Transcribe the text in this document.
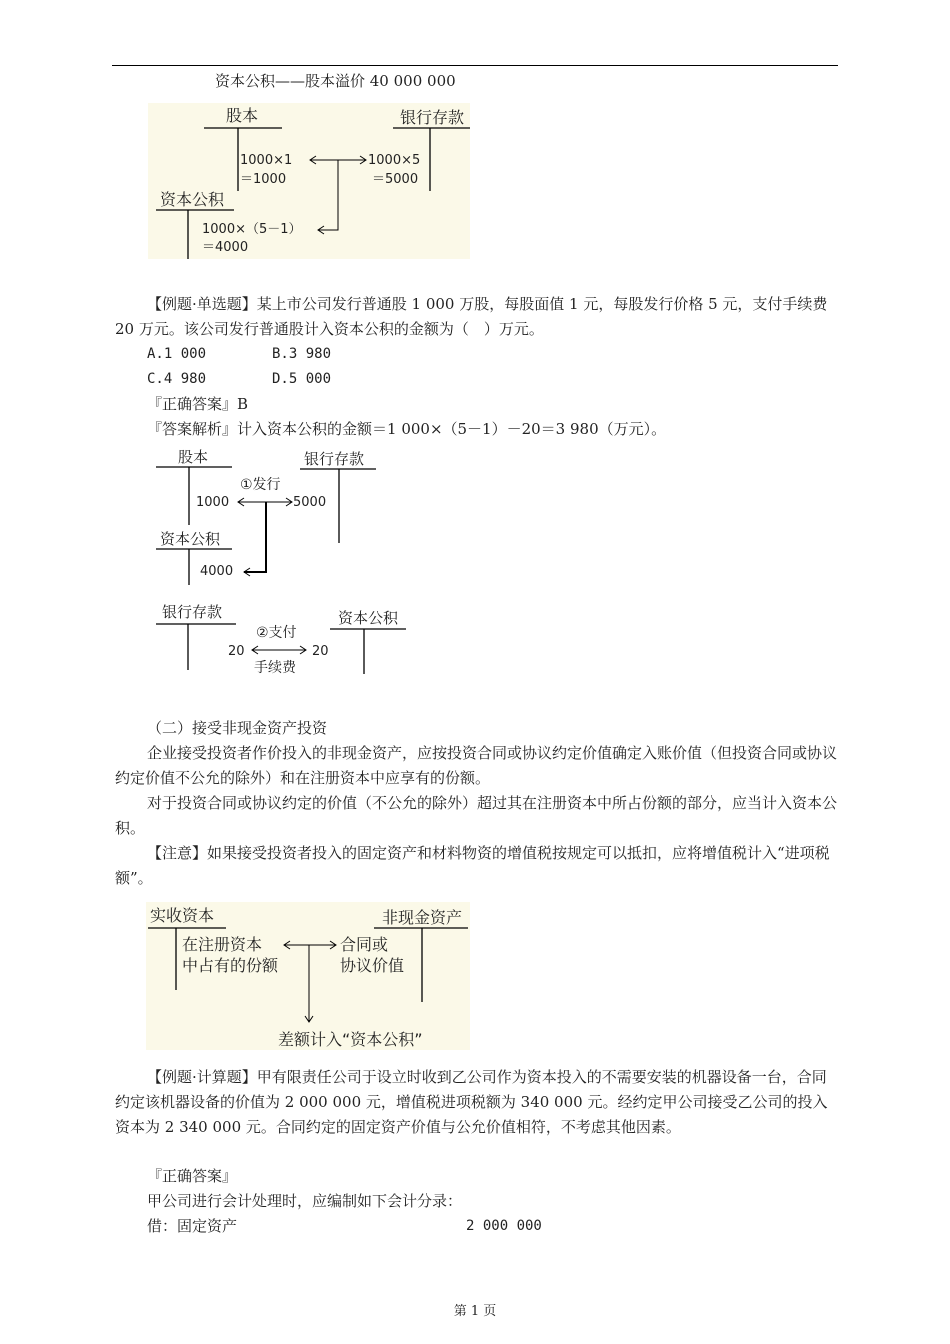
资本公积——股本溢价 40 000 000
股本	银行存款
1000×1
＝1000
1000×5
＝5000
资本公积
1000×（5－1）
＝4000
【例题·单选题】某上市公司发行普通股 1 000 万股，每股面值 1 元，每股发行价格 5 元，支付手续费 20 万元。该公司发行普通股计入资本公积的金额为（　）万元。
A.1 000	B.3 980
C.4 980	D.5 000
『正确答案』B
『答案解析』计入资本公积的金额＝1 000×（5－1）－20＝3 980（万元）。
股本	银行存款
①发行
1000	5000
资本公积
4000
银行存款	资本公积
②支付
20	20
手续费
（二）接受非现金资产投资
企业接受投资者作价投入的非现金资产，应按投资合同或协议约定价值确定入账价值（但投资合同或协议约定价值不公允的除外）和在注册资本中应享有的份额。
对于投资合同或协议约定的价值（不公允的除外）超过其在注册资本中所占份额的部分，应当计入资本公积。
【注意】如果接受投资者投入的固定资产和材料物资的增值税按规定可以抵扣，应将增值税计入“进项税额”。
实收资本	非现金资产
在注册资本
中占有的份额
合同或
协议价值
差额计入“资本公积”
【例题·计算题】甲有限责任公司于设立时收到乙公司作为资本投入的不需要安装的机器设备一台，合同约定该机器设备的价值为 2 000 000 元，增值税进项税额为 340 000 元。经约定甲公司接受乙公司的投入资本为 2 340 000 元。合同约定的固定资产价值与公允价值相符，不考虑其他因素。
『正确答案』
甲公司进行会计处理时，应编制如下会计分录：
借：固定资产	2 000 000
第 1 页
